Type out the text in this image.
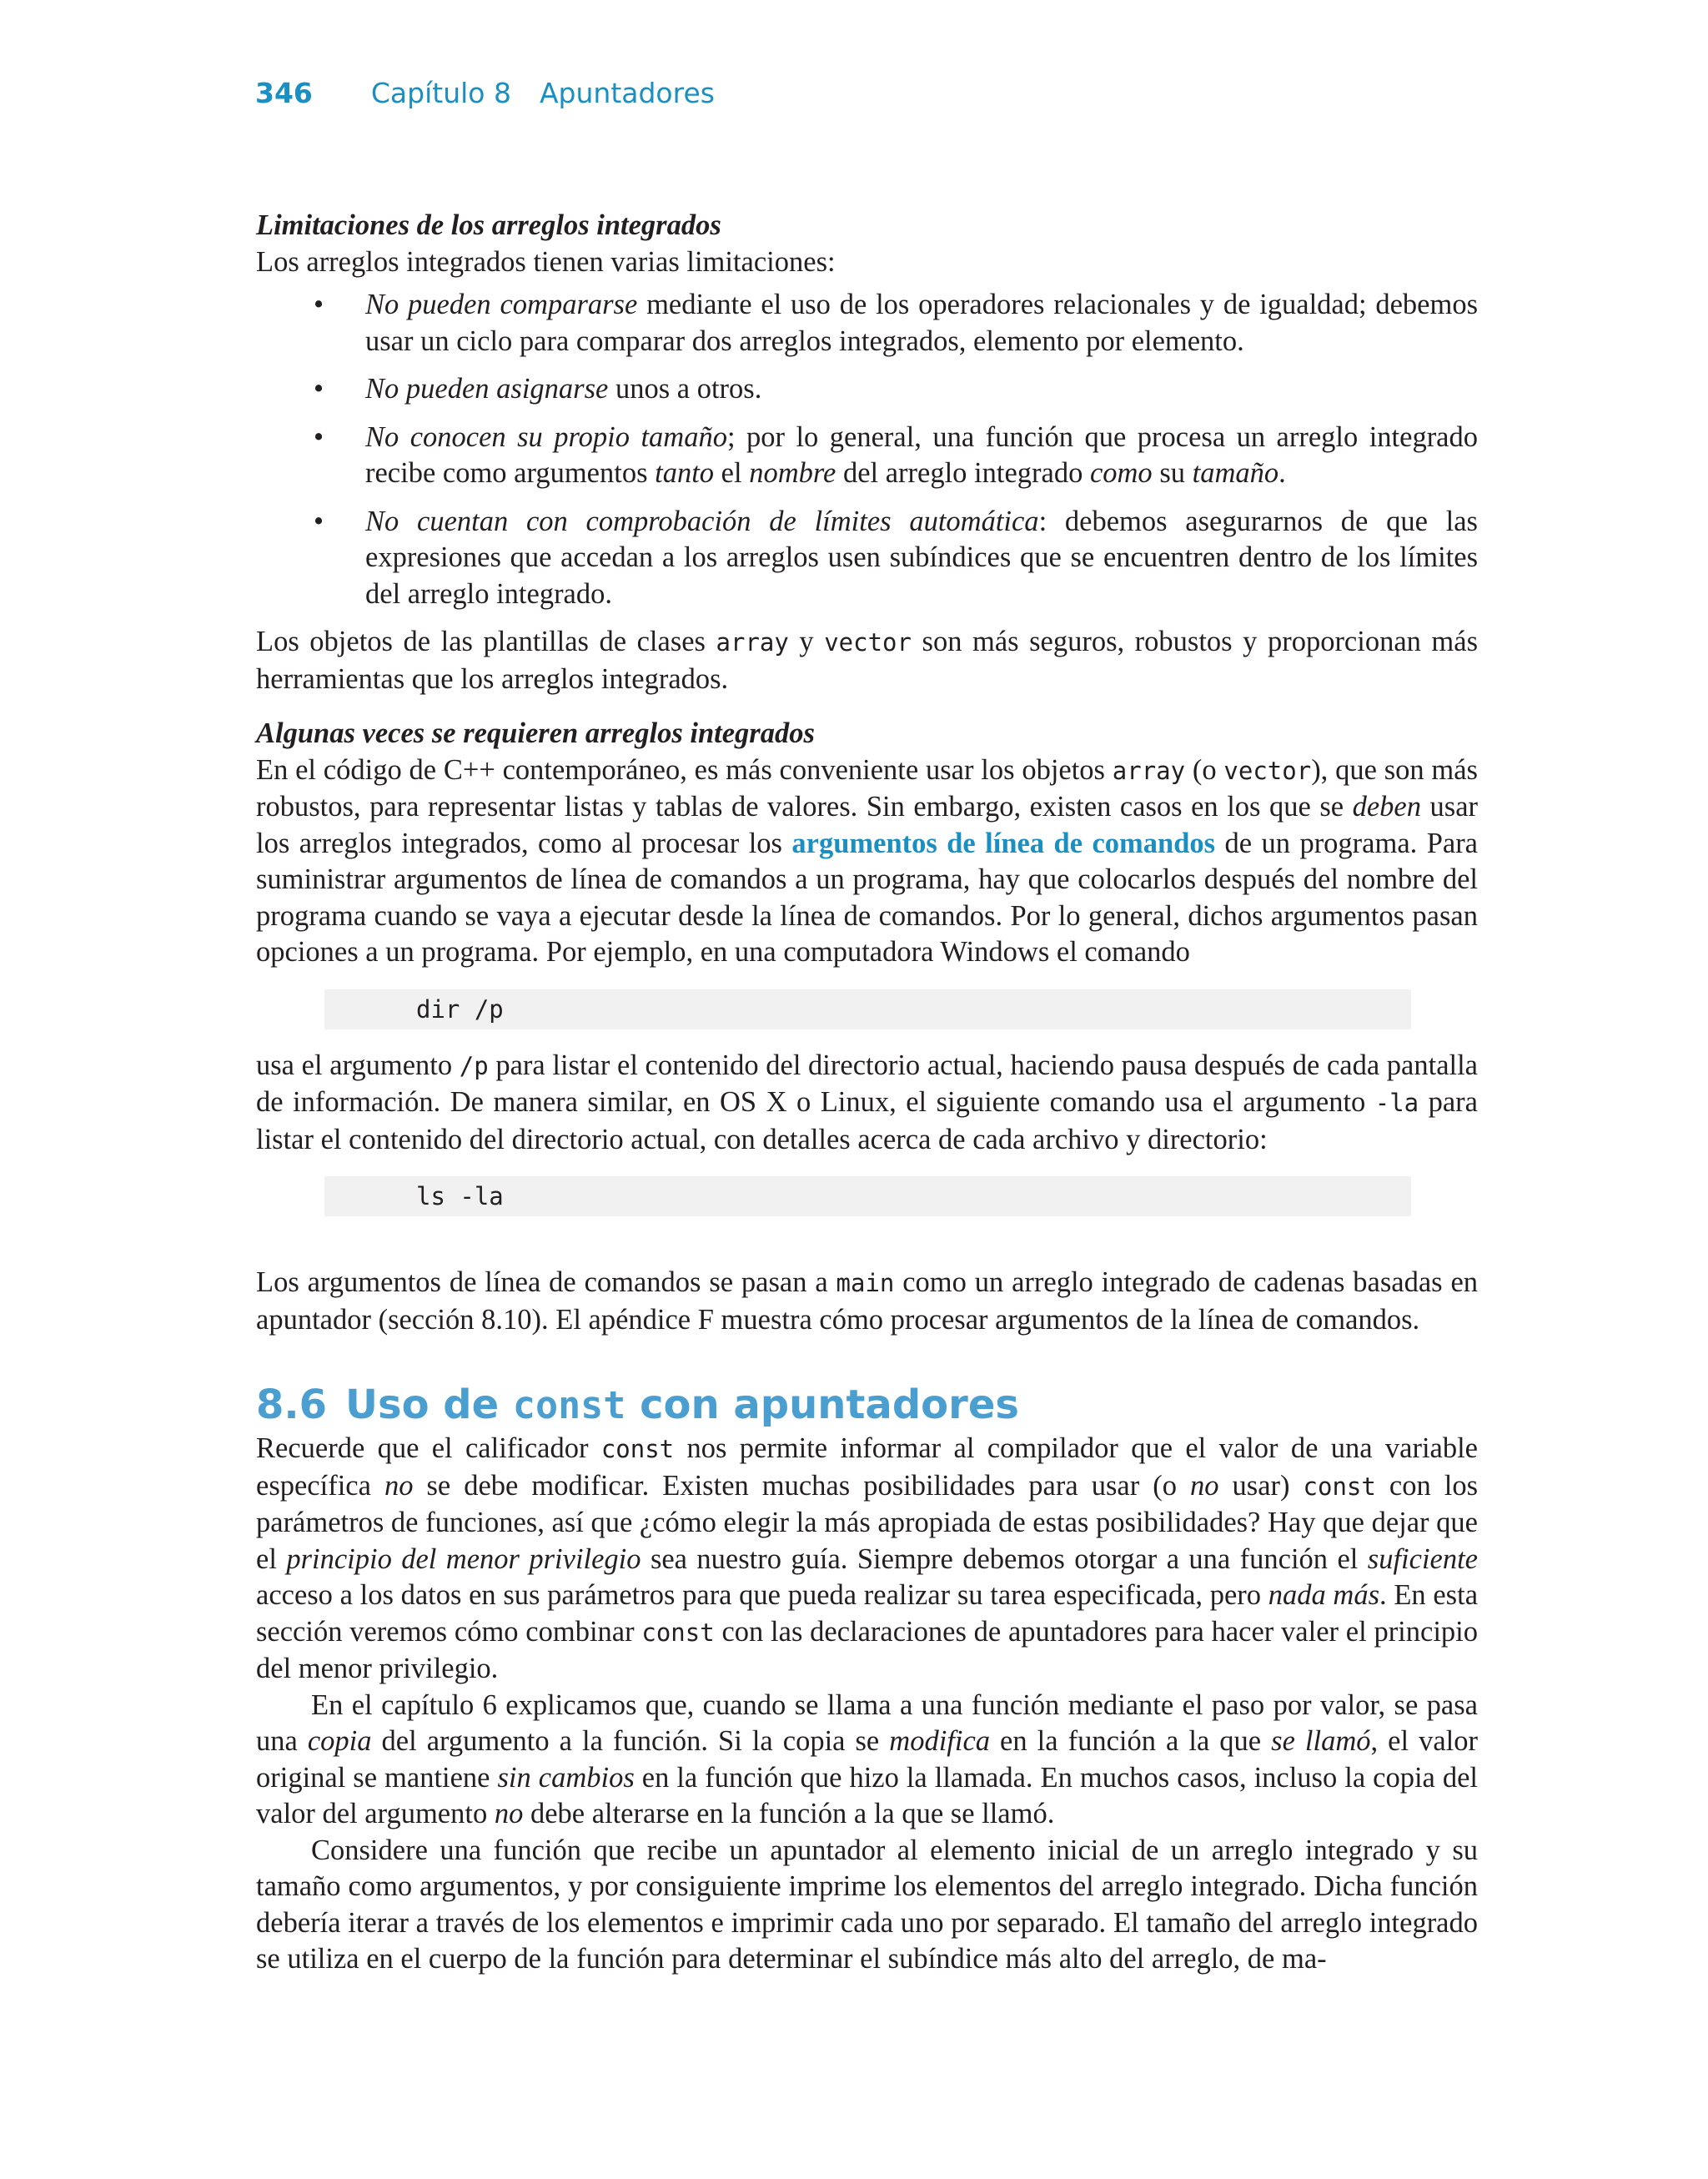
346 Capítulo 8 Apuntadores

Limitaciones de los arreglos integrados

Los arreglos integrados tienen varias limitaciones:

• No pueden compararse mediante el uso de los operadores relacionales y de igualdad; debemos usar un ciclo para comparar dos arreglos integrados, elemento por elemento.
• No pueden asignarse unos a otros.
• No conocen su propio tamaño; por lo general, una función que procesa un arreglo integrado recibe como argumentos tanto el nombre del arreglo integrado como su tamaño.
• No cuentan con comprobación de límites automática: debemos asegurarnos de que las expresiones que accedan a los arreglos usen subíndices que se encuentren dentro de los límites del arreglo integrado.

Los objetos de las plantillas de clases array y vector son más seguros, robustos y proporcionan más herramientas que los arreglos integrados.

Algunas veces se requieren arreglos integrados

En el código de C++ contemporáneo, es más conveniente usar los objetos array (o vector), que son más robustos, para representar listas y tablas de valores. Sin embargo, existen casos en los que se deben usar los arreglos integrados, como al procesar los argumentos de línea de comandos de un programa. Para suministrar argumentos de línea de comandos a un programa, hay que colocarlos después del nombre del programa cuando se vaya a ejecutar desde la línea de comandos. Por lo general, dichos argumentos pasan opciones a un programa. Por ejemplo, en una computadora Windows el comando

dir /p

usa el argumento /p para listar el contenido del directorio actual, haciendo pausa después de cada pantalla de información. De manera similar, en OS X o Linux, el siguiente comando usa el argumento -la para listar el contenido del directorio actual, con detalles acerca de cada archivo y directorio:

ls -la

Los argumentos de línea de comandos se pasan a main como un arreglo integrado de cadenas basadas en apuntador (sección 8.10). El apéndice F muestra cómo procesar argumentos de la línea de comandos.

8.6 Uso de const con apuntadores

Recuerde que el calificador const nos permite informar al compilador que el valor de una variable específica no se debe modificar. Existen muchas posibilidades para usar (o no usar) const con los parámetros de funciones, así que ¿cómo elegir la más apropiada de estas posibilidades? Hay que dejar que el principio del menor privilegio sea nuestro guía. Siempre debemos otorgar a una función el suficiente acceso a los datos en sus parámetros para que pueda realizar su tarea especificada, pero nada más. En esta sección veremos cómo combinar const con las declaraciones de apuntadores para hacer valer el principio del menor privilegio.

En el capítulo 6 explicamos que, cuando se llama a una función mediante el paso por valor, se pasa una copia del argumento a la función. Si la copia se modifica en la función a la que se llamó, el valor original se mantiene sin cambios en la función que hizo la llamada. En muchos casos, incluso la copia del valor del argumento no debe alterarse en la función a la que se llamó.

Considere una función que recibe un apuntador al elemento inicial de un arreglo integrado y su tamaño como argumentos, y por consiguiente imprime los elementos del arreglo integrado. Dicha función debería iterar a través de los elementos e imprimir cada uno por separado. El tamaño del arreglo integrado se utiliza en el cuerpo de la función para determinar el subíndice más alto del arreglo, de ma-
